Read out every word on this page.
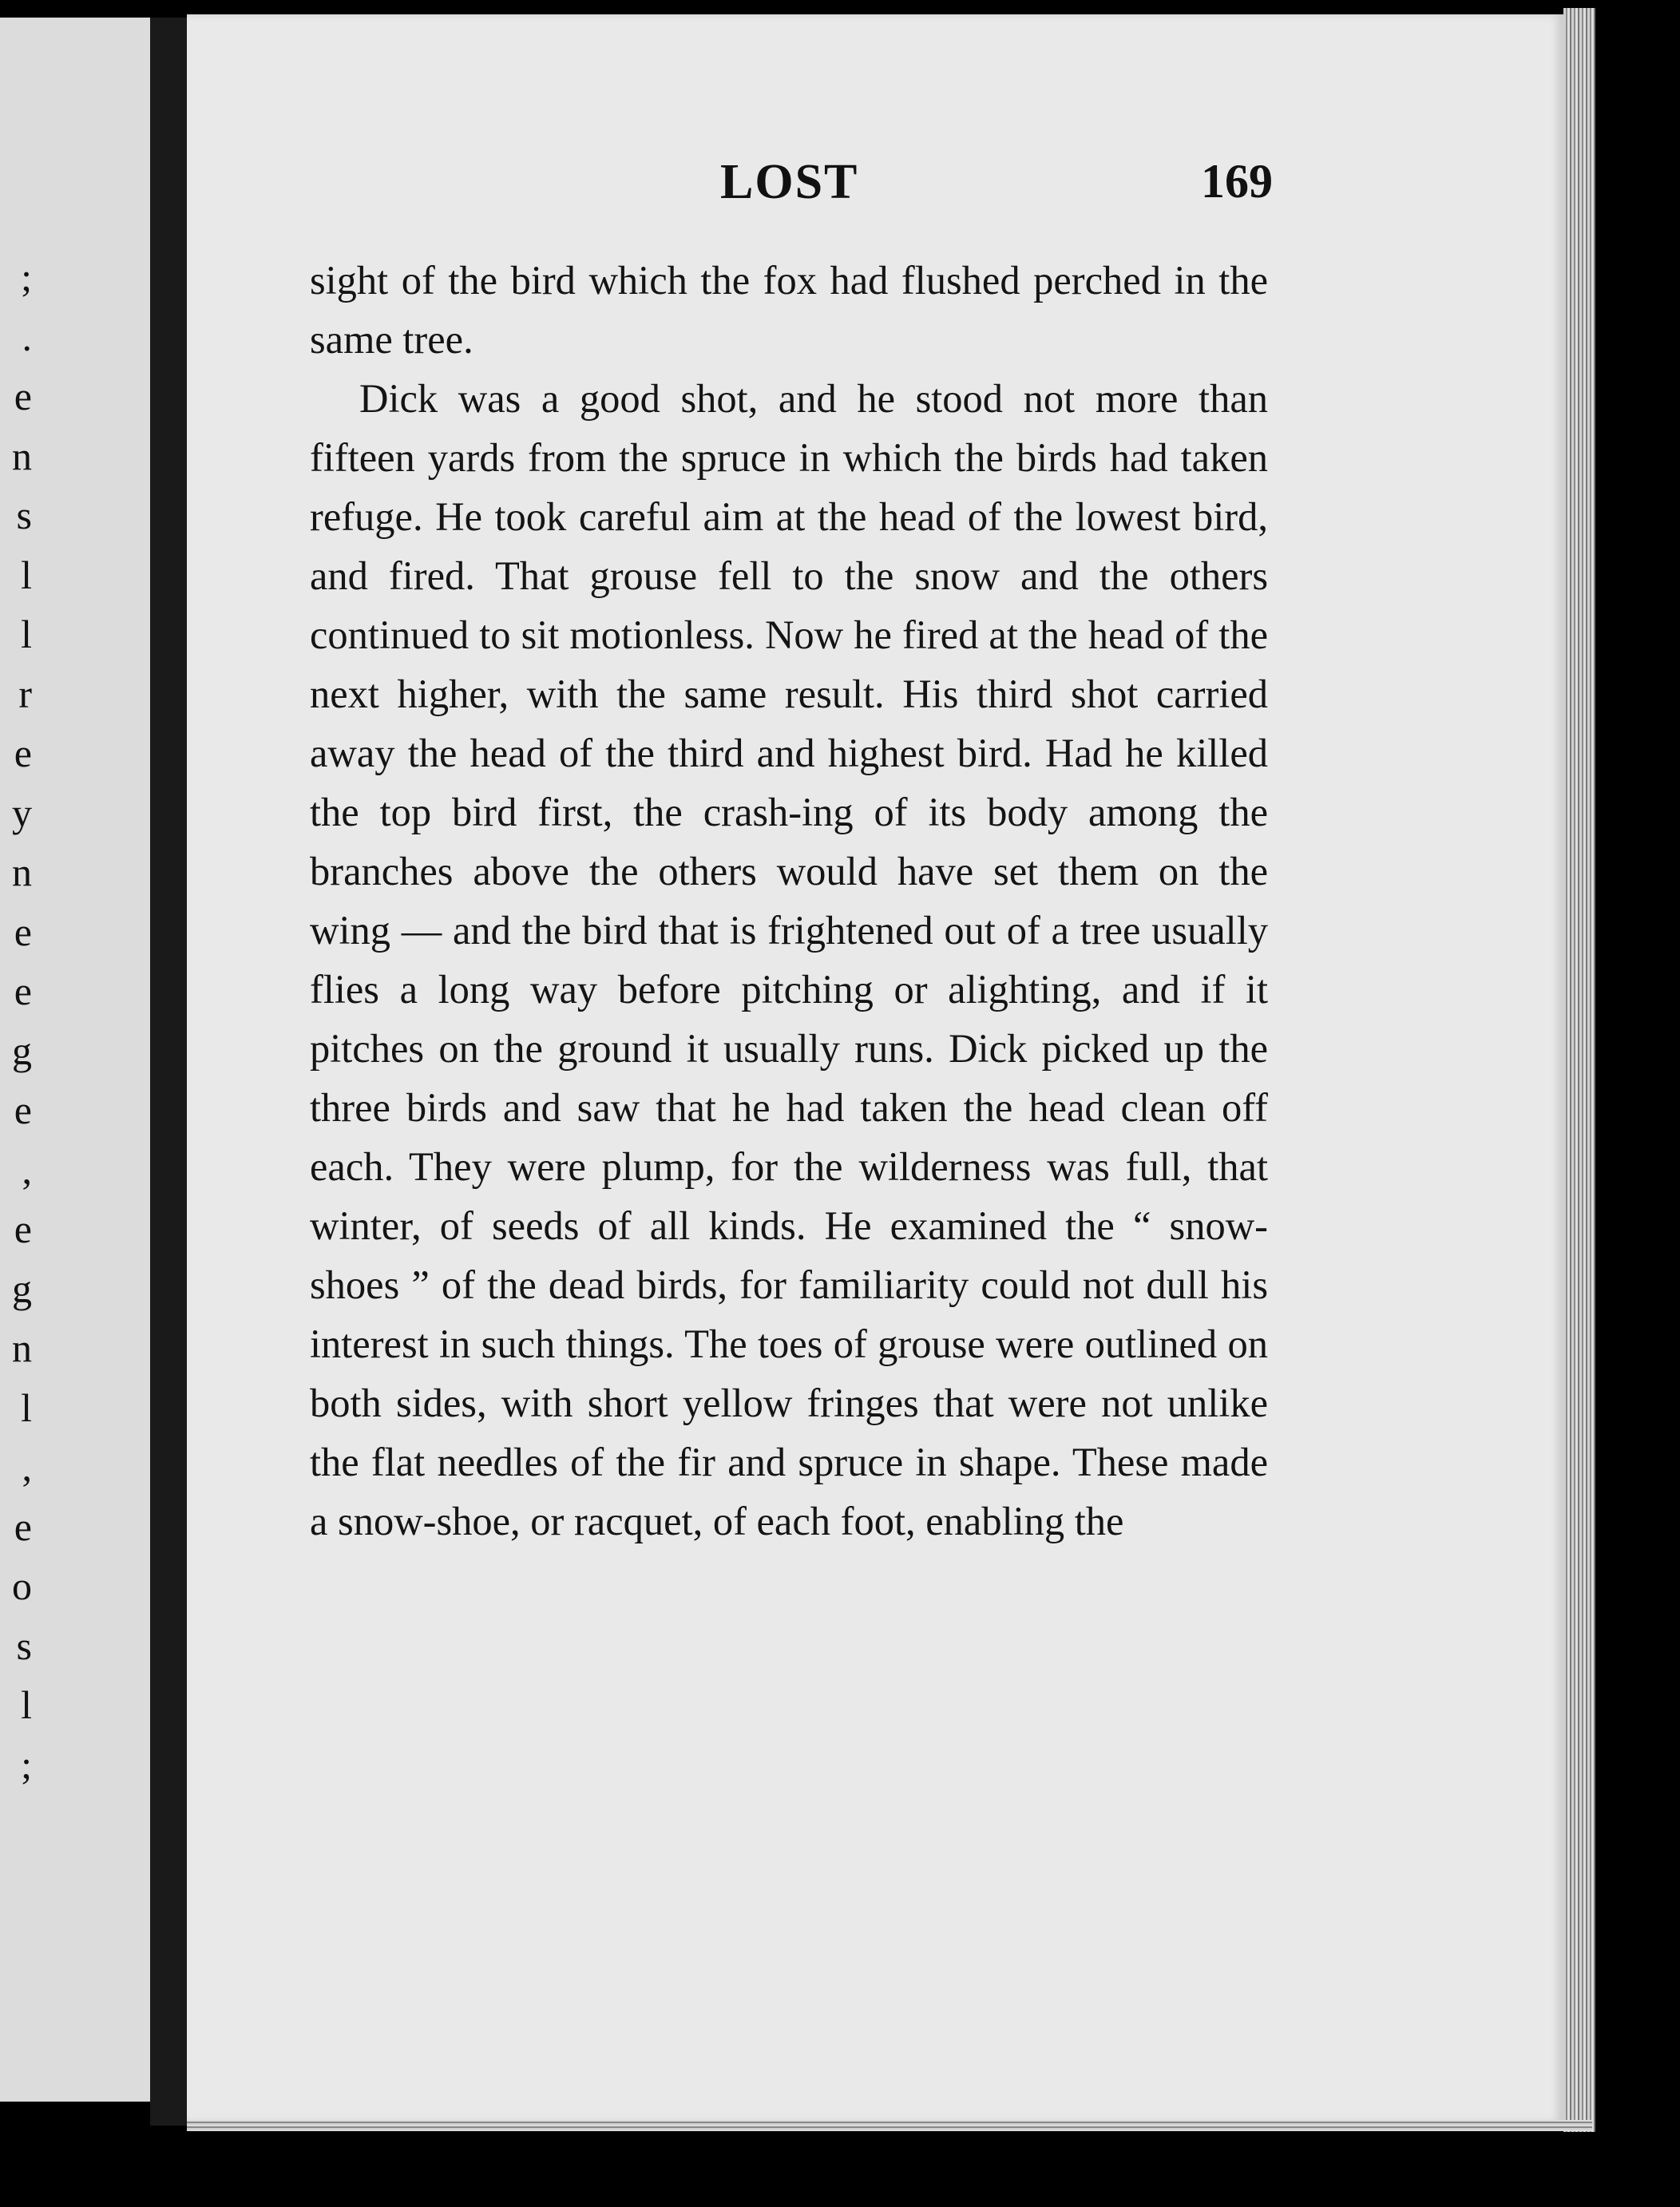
;
.
e
n
s
l
l
r
e
y
n
e
e
g
e
,
e
g
n
l
,
e
o
s
l
;
LOST	169

sight of the bird which the fox had flushed perched in the same tree.

Dick was a good shot, and he stood not more than fifteen yards from the spruce in which the birds had taken refuge. He took careful aim at the head of the lowest bird, and fired. That grouse fell to the snow and the others continued to sit motionless. Now he fired at the head of the next higher, with the same result. His third shot carried away the head of the third and highest bird. Had he killed the top bird first, the crash-ing of its body among the branches above the others would have set them on the wing — and the bird that is frightened out of a tree usually flies a long way before pitching or alighting, and if it pitches on the ground it usually runs. Dick picked up the three birds and saw that he had taken the head clean off each. They were plump, for the wilderness was full, that winter, of seeds of all kinds. He examined the “ snow-shoes ” of the dead birds, for familiarity could not dull his interest in such things. The toes of grouse were outlined on both sides, with short yellow fringes that were not unlike the flat needles of the fir and spruce in shape. These made a snow-shoe, or racquet, of each foot, enabling the
